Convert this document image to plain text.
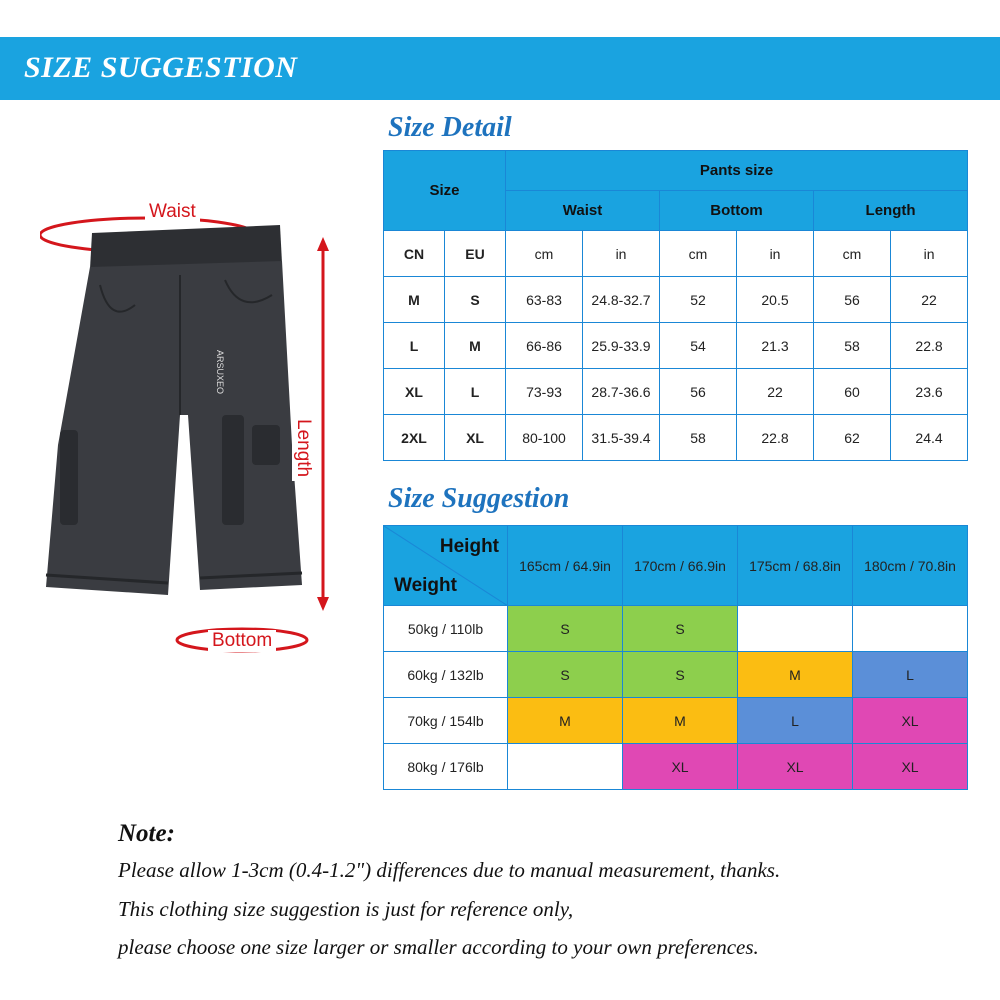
SIZE SUGGESTION
Waist
Length
Bottom
ARSUXEO
Size Detail
Size		Pants size					
		Waist		Bottom		Length	
CN	EU	cm	in	cm	in	cm	in
M	S	63-83	24.8-32.7	52	20.5	56	22
L	M	66-86	25.9-33.9	54	21.3	58	22.8
XL	L	73-93	28.7-36.6	56	22	60	23.6
2XL	XL	80-100	31.5-39.4	58	22.8	62	24.4
Size Suggestion
Height
Weight	165cm / 64.9in	170cm / 66.9in	175cm / 68.8in	180cm / 70.8in
50kg / 110lb	S	S		
60kg / 132lb	S	S	M	L
70kg / 154lb	M	M	L	XL
80kg / 176lb		XL	XL	XL
Note:
Please allow 1-3cm (0.4-1.2") differences due to manual measurement, thanks.
This clothing size suggestion is just for reference only,
please choose one size larger or smaller according to your own preferences.
